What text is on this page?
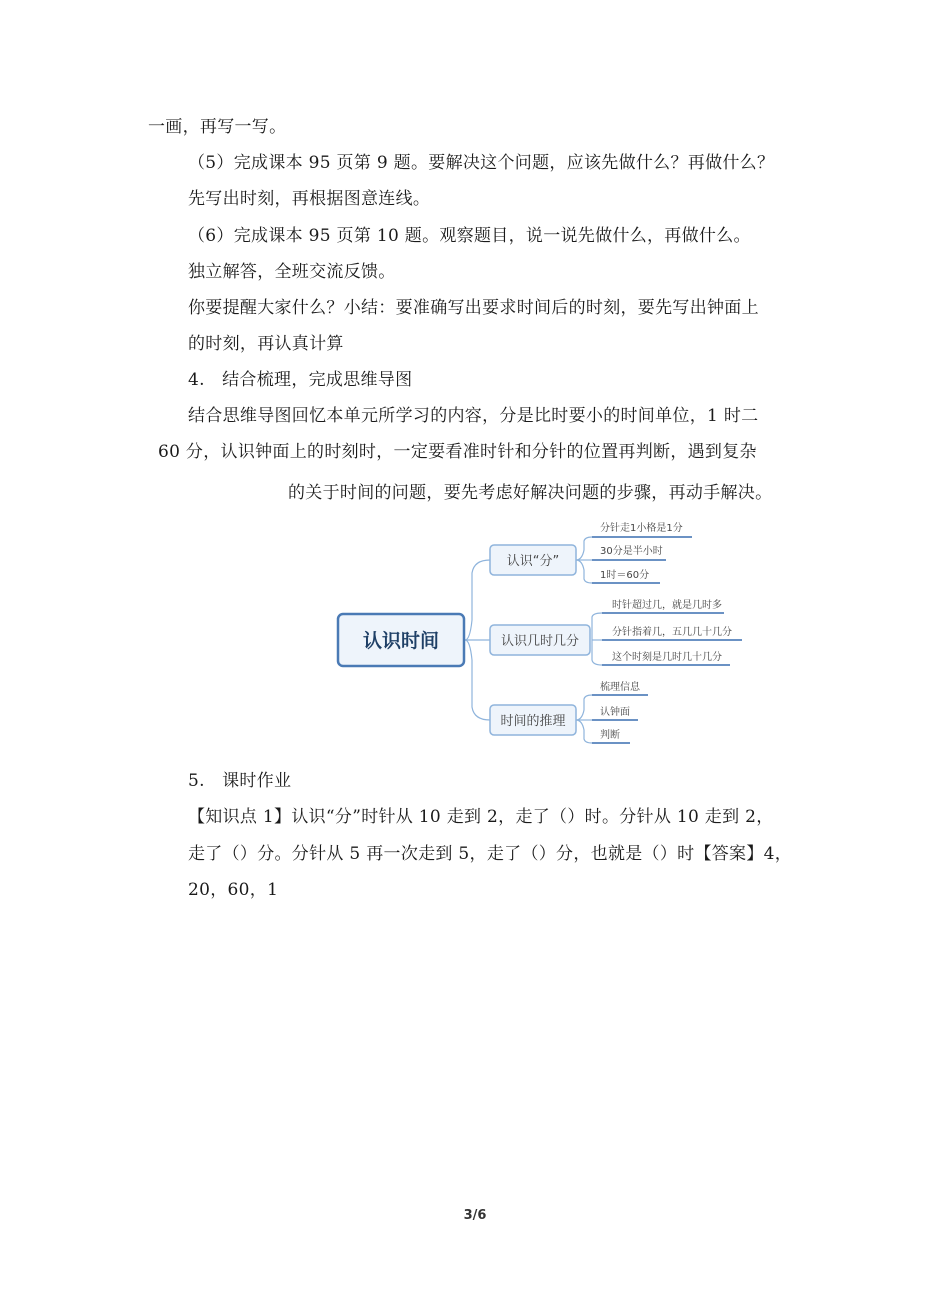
一画，再写一写。
（5）完成课本 95 页第 9 题。要解决这个问题，应该先做什么？再做什么？
先写出时刻，再根据图意连线。
（6）完成课本 95 页第 10 题。观察题目，说一说先做什么，再做什么。
独立解答，全班交流反馈。
你要提醒大家什么？小结：要准确写出要求时间后的时刻，要先写出钟面上
的时刻，再认真计算
4.　结合梳理，完成思维导图
结合思维导图回忆本单元所学习的内容，分是比时要小的时间单位，1 时二
60 分，认识钟面上的时刻时，一定要看准时针和分针的位置再判断，遇到复杂
的关于时间的问题，要先考虑好解决问题的步骤，再动手解决。
认识时间
认识“分”
认识几时几分
时间的推理
分针走1小格是1分
30分是半小时
1时＝60分
时针超过几，就是几时多
分针指着几，五几几十几分
这个时刻是几时几十几分
梳理信息
认钟面
判断
5.　课时作业
【知识点 1】认识“分”时针从 10 走到 2，走了（）时。分针从 10 走到 2，
走了（）分。分针从 5 再一次走到 5，走了（）分，也就是（）时【答案】4，
20，60，1
3/6
